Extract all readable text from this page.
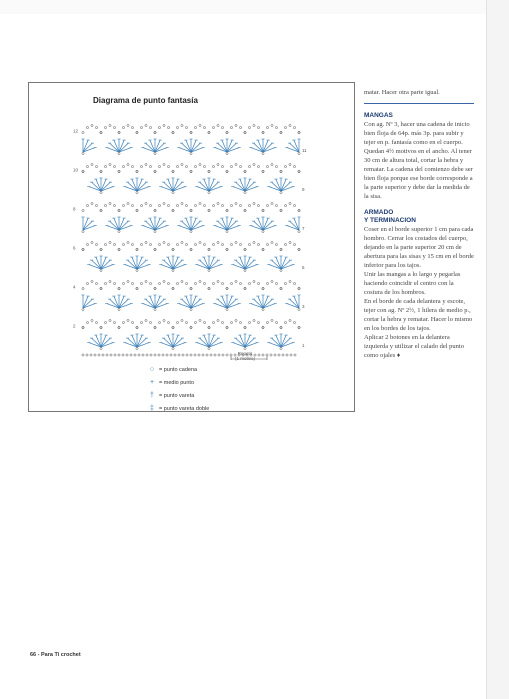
Diagrama de punto fantasía
1
2
3
4
5
6
7
8
9
10
11
12
Repetir
(1 motivo)
○ = punto cadena
+ = medio punto
† = punto vareta
‡ = punto vareta doble

matar. Hacer otra parte igual.

MANGAS

Con ag. Nº 3, hacer una cadena de inicio bien floja de 64p. más 3p. para subir y tejer en p. fantasía como en el cuerpo. Quedan 4½ motivos en el ancho. Al tener 30 cm de altura total, cortar la hebra y rematar. La cadena del comienzo debe ser bien floja porque ese borde corresponde a la parte superior y debe dar la medida de la sisa.

ARMADO

Y TERMINACION

Coser en el borde superior 1 cm para cada hombro. Cerrar los costados del cuerpo, dejando en la parte superior 20 cm de abertura para las sisas y 15 cm en el borde inferior para los tajos.

Unir las mangas a lo largo y pegarlas haciendo coincidir el centro con la costura de los hombros.

En el borde de cada delantera y escote, tejer con ag. Nº 2½, 1 hilera de medio p., cortar la hebra y rematar. Hacer lo mismo en los bordes de los tajos.

Aplicar 2 botones en la delantera izquierda y utilizar el calado del punto como ojales ♦

66 - Para Ti crochet
